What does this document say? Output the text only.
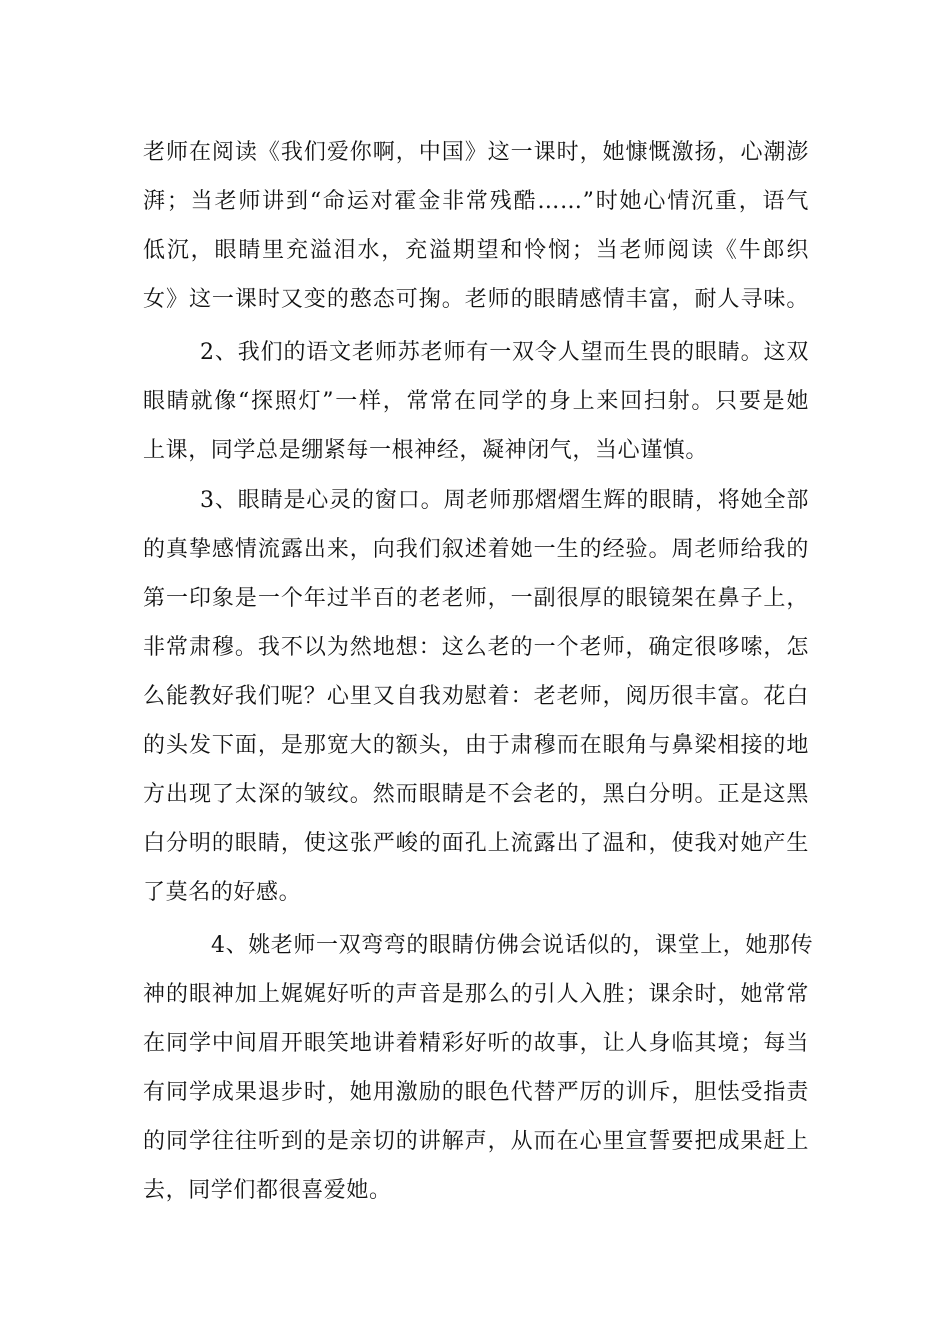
老师在阅读《我们爱你啊，中国》这一课时，她慷慨激扬，心潮澎
湃；当老师讲到“命运对霍金非常残酷……”时她心情沉重，语气
低沉，眼睛里充溢泪水，充溢期望和怜悯；当老师阅读《牛郎织
女》这一课时又变的憨态可掬。老师的眼睛感情丰富，耐人寻味。
2、我们的语文老师苏老师有一双令人望而生畏的眼睛。这双
眼睛就像“探照灯”一样，常常在同学的身上来回扫射。只要是她
上课，同学总是绷紧每一根神经，凝神闭气，当心谨慎。
3、眼睛是心灵的窗口。周老师那熠熠生辉的眼睛，将她全部
的真挚感情流露出来，向我们叙述着她一生的经验。周老师给我的
第一印象是一个年过半百的老老师，一副很厚的眼镜架在鼻子上，
非常肃穆。我不以为然地想：这么老的一个老师，确定很哆嗦，怎
么能教好我们呢？心里又自我劝慰着：老老师，阅历很丰富。花白
的头发下面，是那宽大的额头，由于肃穆而在眼角与鼻梁相接的地
方出现了太深的皱纹。然而眼睛是不会老的，黑白分明。正是这黑
白分明的眼睛，使这张严峻的面孔上流露出了温和，使我对她产生
了莫名的好感。
4、姚老师一双弯弯的眼睛仿佛会说话似的，课堂上，她那传
神的眼神加上娓娓好听的声音是那么的引人入胜；课余时，她常常
在同学中间眉开眼笑地讲着精彩好听的故事，让人身临其境；每当
有同学成果退步时，她用激励的眼色代替严厉的训斥，胆怯受指责
的同学往往听到的是亲切的讲解声，从而在心里宣誓要把成果赶上
去，同学们都很喜爱她。
